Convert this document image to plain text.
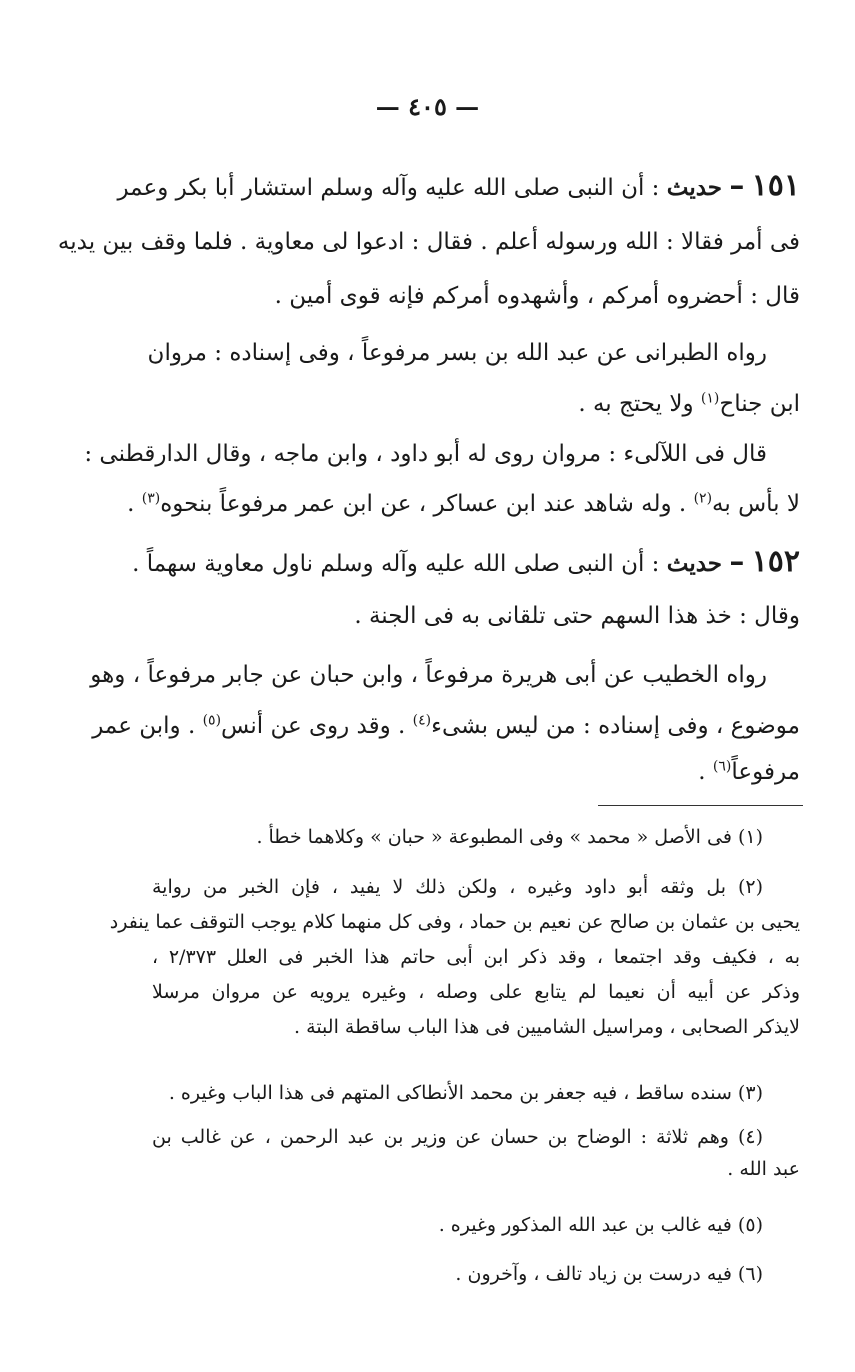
— ٤٠٥ —
١٥١ – حديث : أن النبى صلى الله عليه وآله وسلم استشار أبا بكر وعمر
فى أمر فقالا : الله ورسوله أعلم . فقال : ادعوا لى معاوية . فلما وقف بين يديه
قال : أحضروه أمركم ، وأشهدوه أمركم فإنه قوى أمين .
رواه الطبرانى عن عبد الله بن بسر مرفوعاً ، وفى إسناده : مروان
ابن جناح$^{(١)}$ ولا يحتج به .
قال فى اللآلىء : مروان روى له أبو داود ، وابن ماجه ، وقال الدارقطنى :
لا بأس به$^{(٢)}$ . وله شاهد عند ابن عساكر ، عن ابن عمر مرفوعاً بنحوه$^{(٣)}$ .
١٥٢ – حديث : أن النبى صلى الله عليه وآله وسلم ناول معاوية سهماً .
وقال : خذ هذا السهم حتى تلقانى به فى الجنة .
رواه الخطيب عن أبى هريرة مرفوعاً ، وابن حبان عن جابر مرفوعاً ، وهو
موضوع ، وفى إسناده : من ليس بشىء$^{(٤)}$ . وقد روى عن أنس$^{(٥)}$ . وابن عمر
مرفوعاً$^{(٦)}$ .
(١) فى الأصل « محمد » وفى المطبوعة « حبان » وكلاهما خطأ .
(٢) بل وثقه أبو داود وغيره ، ولكن ذلك لا يفيد ، فإن الخبر من رواية
يحيى بن عثمان بن صالح عن نعيم بن حماد ، وفى كل منهما كلام يوجب التوقف عما ينفرد
به ، فكيف وقد اجتمعا ، وقد ذكر ابن أبى حاتم هذا الخبر فى العلل ٢/٣٧٣ ،
وذكر عن أبيه أن نعيما لم يتابع على وصله ، وغيره يرويه عن مروان مرسلا
لايذكر الصحابى ، ومراسيل الشاميين فى هذا الباب ساقطة البتة .
(٣) سنده ساقط ، فيه جعفر بن محمد الأنطاكى المتهم فى هذا الباب وغيره .
(٤) وهم ثلاثة : الوضاح بن حسان عن وزير بن عبد الرحمن ، عن غالب بن
عبد الله .
(٥) فيه غالب بن عبد الله المذكور وغيره .
(٦) فيه درست بن زياد تالف ، وآخرون .
